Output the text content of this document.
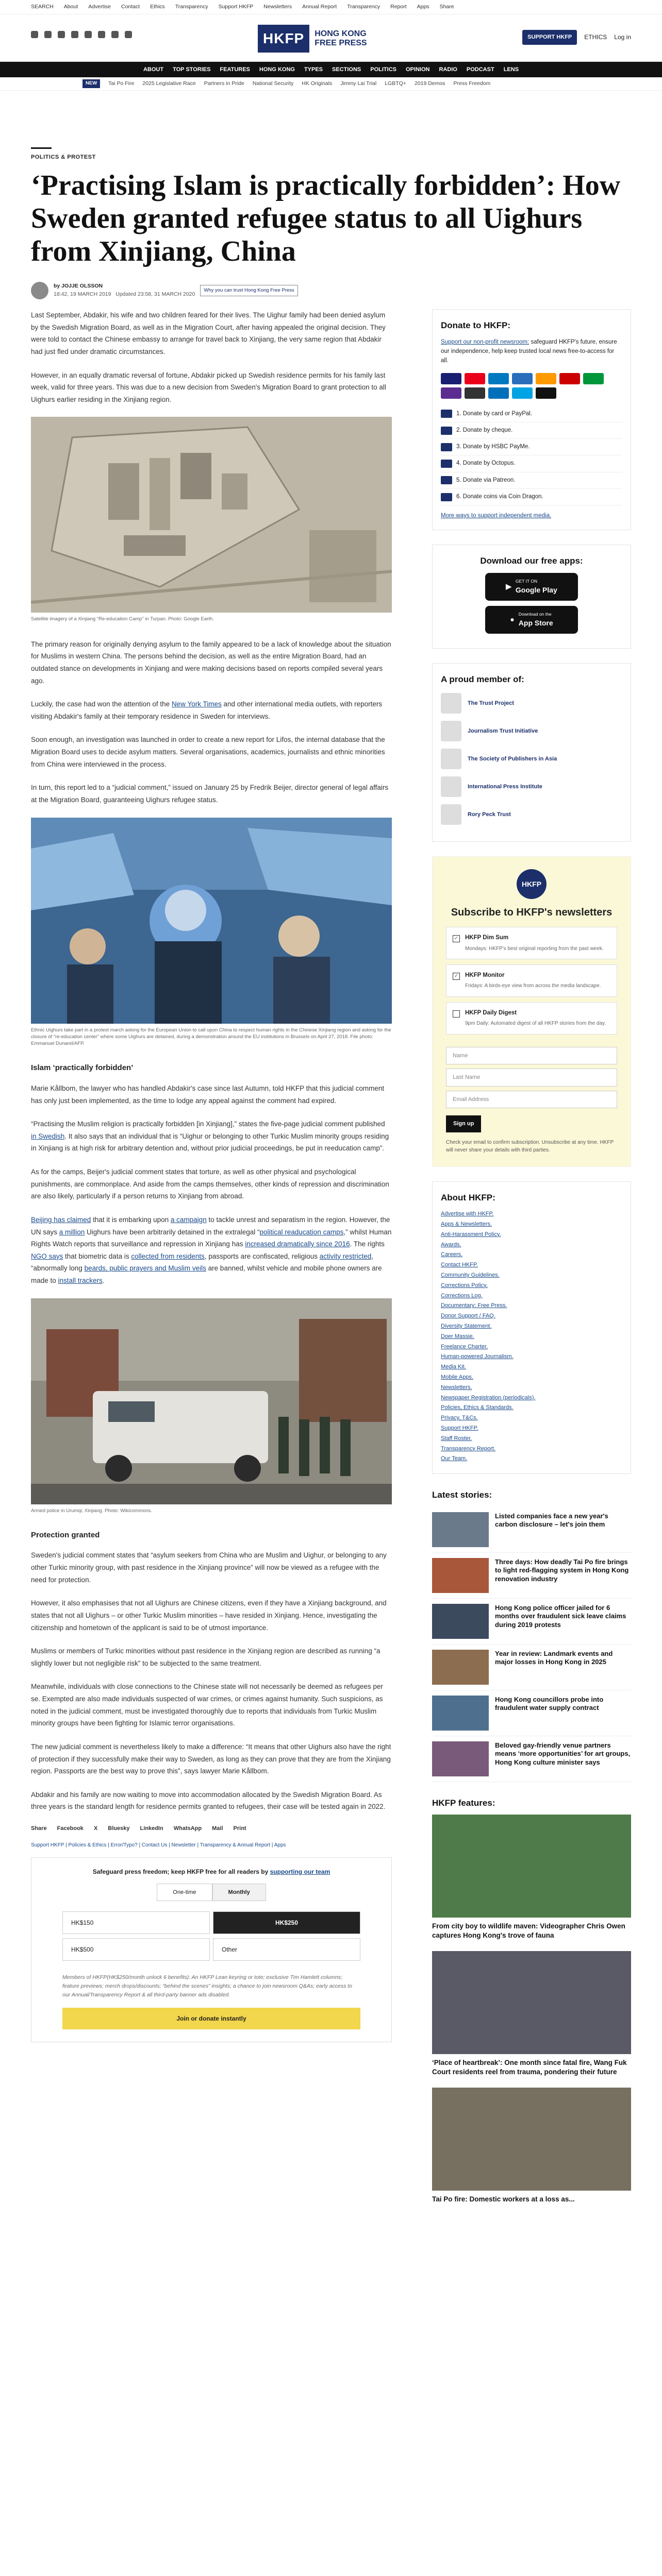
SEARCH About Advertise Contact Ethics Transparency Support HKFP Newsletters Annual Report Transparency Report Apps Share
HKFP	HONG KONG
FREE PRESS
SUPPORT HKFP	ETHICS Log in
ABOUT TOP STORIES FEATURES HONG KONG TYPES SECTIONS POLITICS OPINION RADIO PODCAST LENS
NEW	Tai Po Fire 2025 Legislative Race Partners in Pride National Security HK Originals Jimmy Lai Trial LGBTQ+ 2019 Demos Press Freedom
POLITICS & PROTEST
‘Practising Islam is practically forbidden’: How Sweden granted refugee status to all Uighurs from Xinjiang, China
by JOJJE OLSSON
18:42, 19 MARCH 2019 Updated 23:58, 31 MARCH 2020
Why you can trust Hong Kong Free Press

Last September, Abdakir, his wife and two children feared for their lives. The Uighur family had been denied asylum by the Swedish Migration Board, as well as in the Migration Court, after having appealed the original decision. They were told to contact the Chinese embassy to arrange for travel back to Xinjiang, the very same region that Abdakir had just fled under dramatic circumstances.

However, in an equally dramatic reversal of fortune, Abdakir picked up Swedish residence permits for his family last week, valid for three years. This was due to a new decision from Sweden's Migration Board to grant protection to all Uighurs earlier residing in the Xinjiang region.

Satellite imagery of a Xinjiang “Re-education Camp” in Turpan. Photo: Google Earth.

The primary reason for originally denying asylum to the family appeared to be a lack of knowledge about the situation for Muslims in western China. The persons behind the decision, as well as the entire Migration Board, had an outdated stance on developments in Xinjiang and were making decisions based on reports compiled several years ago.

Luckily, the case had won the attention of the New York Times and other international media outlets, with reporters visiting Abdakir's family at their temporary residence in Sweden for interviews.

Soon enough, an investigation was launched in order to create a new report for Lifos, the internal database that the Migration Board uses to decide asylum matters. Several organisations, academics, journalists and ethnic minorities from China were interviewed in the process.

In turn, this report led to a “judicial comment,” issued on January 25 by Fredrik Beijer, director general of legal affairs at the Migration Board, guaranteeing Uighurs refugee status.

Ethnic Uighurs take part in a protest march asking for the European Union to call upon China to respect human rights in the Chinese Xinjiang region and asking for the closure of “re-education center” where some Uighurs are detained, during a demonstration around the EU institutions in Brussels on April 27, 2018. File photo: Emmanuel Dunand/AFP.
Islam ‘practically forbidden’

Marie Kållbom, the lawyer who has handled Abdakir's case since last Autumn, told HKFP that this judicial comment has only just been implemented, as the time to lodge any appeal against the comment had expired.

“Practising the Muslim religion is practically forbidden [in Xinjiang],” states the five-page judicial comment published in Swedish. It also says that an individual that is “Uighur or belonging to other Turkic Muslim minority groups residing in Xinjiang is at high risk for arbitrary detention and, without prior judicial proceedings, be put in reeducation camp”.

As for the camps, Beijer's judicial comment states that torture, as well as other physical and psychological punishments, are commonplace. And aside from the camps themselves, other kinds of repression and discrimination are also likely, particularly if a person returns to Xinjiang from abroad.

Beijing has claimed that it is embarking upon a campaign to tackle unrest and separatism in the region. However, the UN says a million Uighurs have been arbitrarily detained in the extralegal “political readucation camps,” whilst Human Rights Watch reports that surveillance and repression in Xinjiang has increased dramatically since 2016. The rights NGO says that biometric data is collected from residents, passports are confiscated, religious activity restricted, “abnormally long beards, public prayers and Muslim veils are banned, whilst vehicle and mobile phone owners are made to install trackers.

Armed police in Urumqi, Xinjiang. Photo: Wikicommons.
Protection granted

Sweden's judicial comment states that “asylum seekers from China who are Muslim and Uighur, or belonging to any other Turkic minority group, with past residence in the Xinjiang province” will now be viewed as a refugee with the need for protection.

However, it also emphasises that not all Uighurs are Chinese citizens, even if they have a Xinjiang background, and states that not all Uighurs – or other Turkic Muslim minorities – have resided in Xinjiang. Hence, investigating the citizenship and hometown of the applicant is said to be of utmost importance.

Muslims or members of Turkic minorities without past residence in the Xinjiang region are described as running “a slightly lower but not negligible risk” to be subjected to the same treatment.

Meanwhile, individuals with close connections to the Chinese state will not necessarily be deemed as refugees per se. Exempted are also made individuals suspected of war crimes, or crimes against humanity. Such suspicions, as noted in the judicial comment, must be investigated thoroughly due to reports that individuals from Turkic Muslim minority groups have been fighting for Islamic terror organisations.

The new judicial comment is nevertheless likely to make a difference: “It means that other Uighurs also have the right of protection if they successfully make their way to Sweden, as long as they can prove that they are from the Xinjiang region. Passports are the best way to prove this”, says lawyer Marie Kållbom.

Abdakir and his family are now waiting to move into accommodation allocated by the Swedish Migration Board. As three years is the standard length for residence permits granted to refugees, their case will be tested again in 2022.

Share Facebook X Bluesky LinkedIn WhatsApp Mail Print
Support HKFP | Policies & Ethics | Error/Typo? | Contact Us | Newsletter | Transparency & Annual Report | Apps
Safeguard press freedom; keep HKFP free for all readers by supporting our team
One-time	Monthly
HK$150	HK$250
HK$500	Other
Members of HKFP(HK$250/month unlock 6 benefits): An HKFP Lean keyring or tote; exclusive Tim Hamlett columns; feature previews; merch drops/discounts; “behind the scenes” insights; a chance to join newsroom Q&As; early access to our Annual/Transparency Report & all third-party banner ads disabled.
Join or donate instantly
Donate to HKFP:
Support our non-profit newsroom: safeguard HKFP's future, ensure our independence, help keep trusted local news free-to-access for all.
1. Donate by card or PayPal.
2. Donate by cheque.
3. Donate by HSBC PayMe.
4. Donate by Octopus.
5. Donate via Patreon.
6. Donate coins via Coin Dragon.
More ways to support independent media.
Download our free apps:
▶
GET IT ON
Google Play
●
Download on the
App Store
A proud member of:
The Trust Project
Journalism Trust Initiative
The Society of Publishers in Asia
International Press Institute
Rory Peck Trust
HKFP
Subscribe to HKFP's newsletters
✓ HKFP Dim Sum
Mondays: HKFP's best original reporting from the past week.
✓ HKFP Monitor
Fridays: A birds-eye view from across the media landscape.
HKFP Daily Digest
9pm Daily: Automated digest of all HKFP stories from the day.
Name
Last Name
Email Address
Sign up
Check your email to confirm subscription. Unsubscribe at any time. HKFP will never share your details with third parties.
About HKFP:
Advertise with HKFP.
Apps & Newsletters.
Anti-Harassment Policy.
Awards.
Careers.
Contact HKFP.
Community Guidelines.
Corrections Policy.
Corrections Log.
Documentary: Free Press.
Donor Support / FAQ.
Diversity Statement.
Doer Massie.
Freelance Charter.
Human-powered Journalism.
Media Kit.
Mobile Apps.
Newsletters.
Newspaper Registration (periodicals).
Policies, Ethics & Standards.
Privacy, T&Cs.
Support HKFP.
Staff Roster.
Transparency Report.
Our Team.
Latest stories:
Listed companies face a new year's carbon disclosure – let's join them
Three days: How deadly Tai Po fire brings to light red-flagging system in Hong Kong renovation industry
Hong Kong police officer jailed for 6 months over fraudulent sick leave claims during 2019 protests
Year in review: Landmark events and major losses in Hong Kong in 2025
Hong Kong councillors probe into fraudulent water supply contract
Beloved gay-friendly venue partners means ‘more opportunities’ for art groups, Hong Kong culture minister says
HKFP features:
From city boy to wildlife maven: Videographer Chris Owen captures Hong Kong's trove of fauna
‘Place of heartbreak’: One month since fatal fire, Wang Fuk Court residents reel from trauma, pondering their future
Tai Po fire: Domestic workers at a loss as...
